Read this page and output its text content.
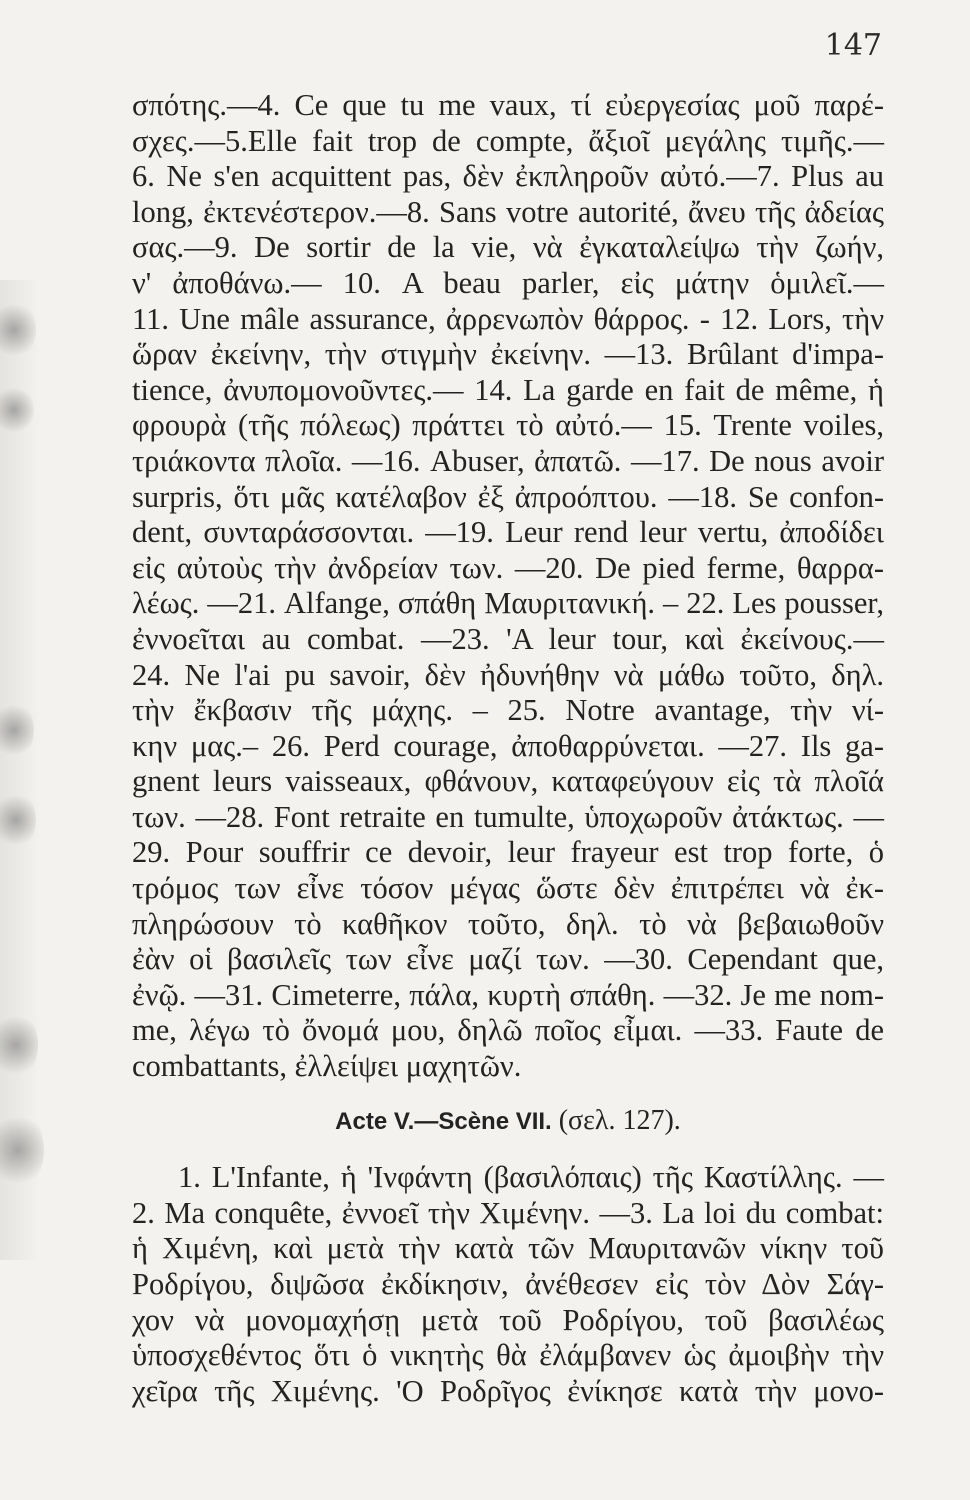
147
σπότης.—4. Ce que tu me vaux, τί εὐεργεσίας μοῦ παρέ-
σχες.—5.Elle fait trop de compte, ἄξιοῖ μεγάλης τιμῆς.—
6. Ne s'en acquittent pas, δὲν ἐκπληροῦν αὐτό.—7. Plus au
long, ἐκτενέστερον.—8. Sans votre autorité, ἄνευ τῆς ἀδείας
σας.—9. De sortir de la vie, νὰ ἐγκαταλείψω τὴν ζωήν,
ν' ἀποθάνω.— 10. A beau parler, εἰς μάτην ὁμιλεῖ.—
11. Une mâle assurance, ἀρρενωπὸν θάρρος. - 12. Lors, τὴν
ὥραν ἐκείνην, τὴν στιγμὴν ἐκείνην. —13. Brûlant d'impa-
tience, ἀνυπομονοῦντες.— 14. La garde en fait de même, ἡ
φρουρὰ (τῆς πόλεως) πράττει τὸ αὐτό.— 15. Trente voiles,
τριάκοντα πλοῖα. —16. Abuser, ἀπατῶ. —17. De nous avoir
surpris, ὅτι μᾶς κατέλαβον ἐξ ἀπροόπτου. —18. Se confon-
dent, συνταράσσονται. —19. Leur rend leur vertu, ἀποδίδει
εἰς αὐτοὺς τὴν ἀνδρείαν των. —20. De pied ferme, θαρρα-
λέως. —21. Alfange, σπάθη Μαυριτανική. – 22. Les pousser,
ἐννοεῖται au combat. —23. 'A leur tour, καὶ ἐκείνους.—
24. Ne l'ai pu savoir, δὲν ἠδυνήθην νὰ μάθω τοῦτο, δηλ.
τὴν ἔκβασιν τῆς μάχης. – 25. Notre avantage, τὴν νί-
κην μας.– 26. Perd courage, ἀποθαρρύνεται. —27. Ils ga-
gnent leurs vaisseaux, φθάνουν, καταφεύγουν εἰς τὰ πλοῖά
των. —28. Font retraite en tumulte, ὑποχωροῦν ἀτάκτως. —
29. Pour souffrir ce devoir, leur frayeur est trop forte, ὁ
τρόμος των εἶνε τόσον μέγας ὥστε δὲν ἐπιτρέπει νὰ ἐκ-
πληρώσουν τὸ καθῆκον τοῦτο, δηλ. τὸ νὰ βεβαιωθοῦν
ἐὰν οἱ βασιλεῖς των εἶνε μαζί των. —30. Cependant que,
ἐνῷ. —31. Cimeterre, πάλα, κυρτὴ σπάθη. —32. Je me nom-
me, λέγω τὸ ὄνομά μου, δηλῶ ποῖος εἶμαι. —33. Faute de
combattants, ἐλλείψει μαχητῶν.
Acte V.—Scène VII. (σελ. 127).
1. L'Infante, ἡ 'Ινφάντη (βασιλόπαις) τῆς Καστίλλης. —
2. Ma conquête, ἐννοεῖ τὴν Χιμένην. —3. La loi du combat:
ἡ Χιμένη, καὶ μετὰ τὴν κατὰ τῶν Μαυριτανῶν νίκην τοῦ
Ροδρίγου, διψῶσα ἐκδίκησιν, ἀνέθεσεν εἰς τὸν Δὸν Σάγ-
χον νὰ μονομαχήσῃ μετὰ τοῦ Ροδρίγου, τοῦ βασιλέως
ὑποσχεθέντος ὅτι ὁ νικητὴς θὰ ἐλάμβανεν ὡς ἀμοιβὴν τὴν
χεῖρα τῆς Χιμένης. 'Ο Ροδρῖγος ἐνίκησε κατὰ τὴν μονο-
